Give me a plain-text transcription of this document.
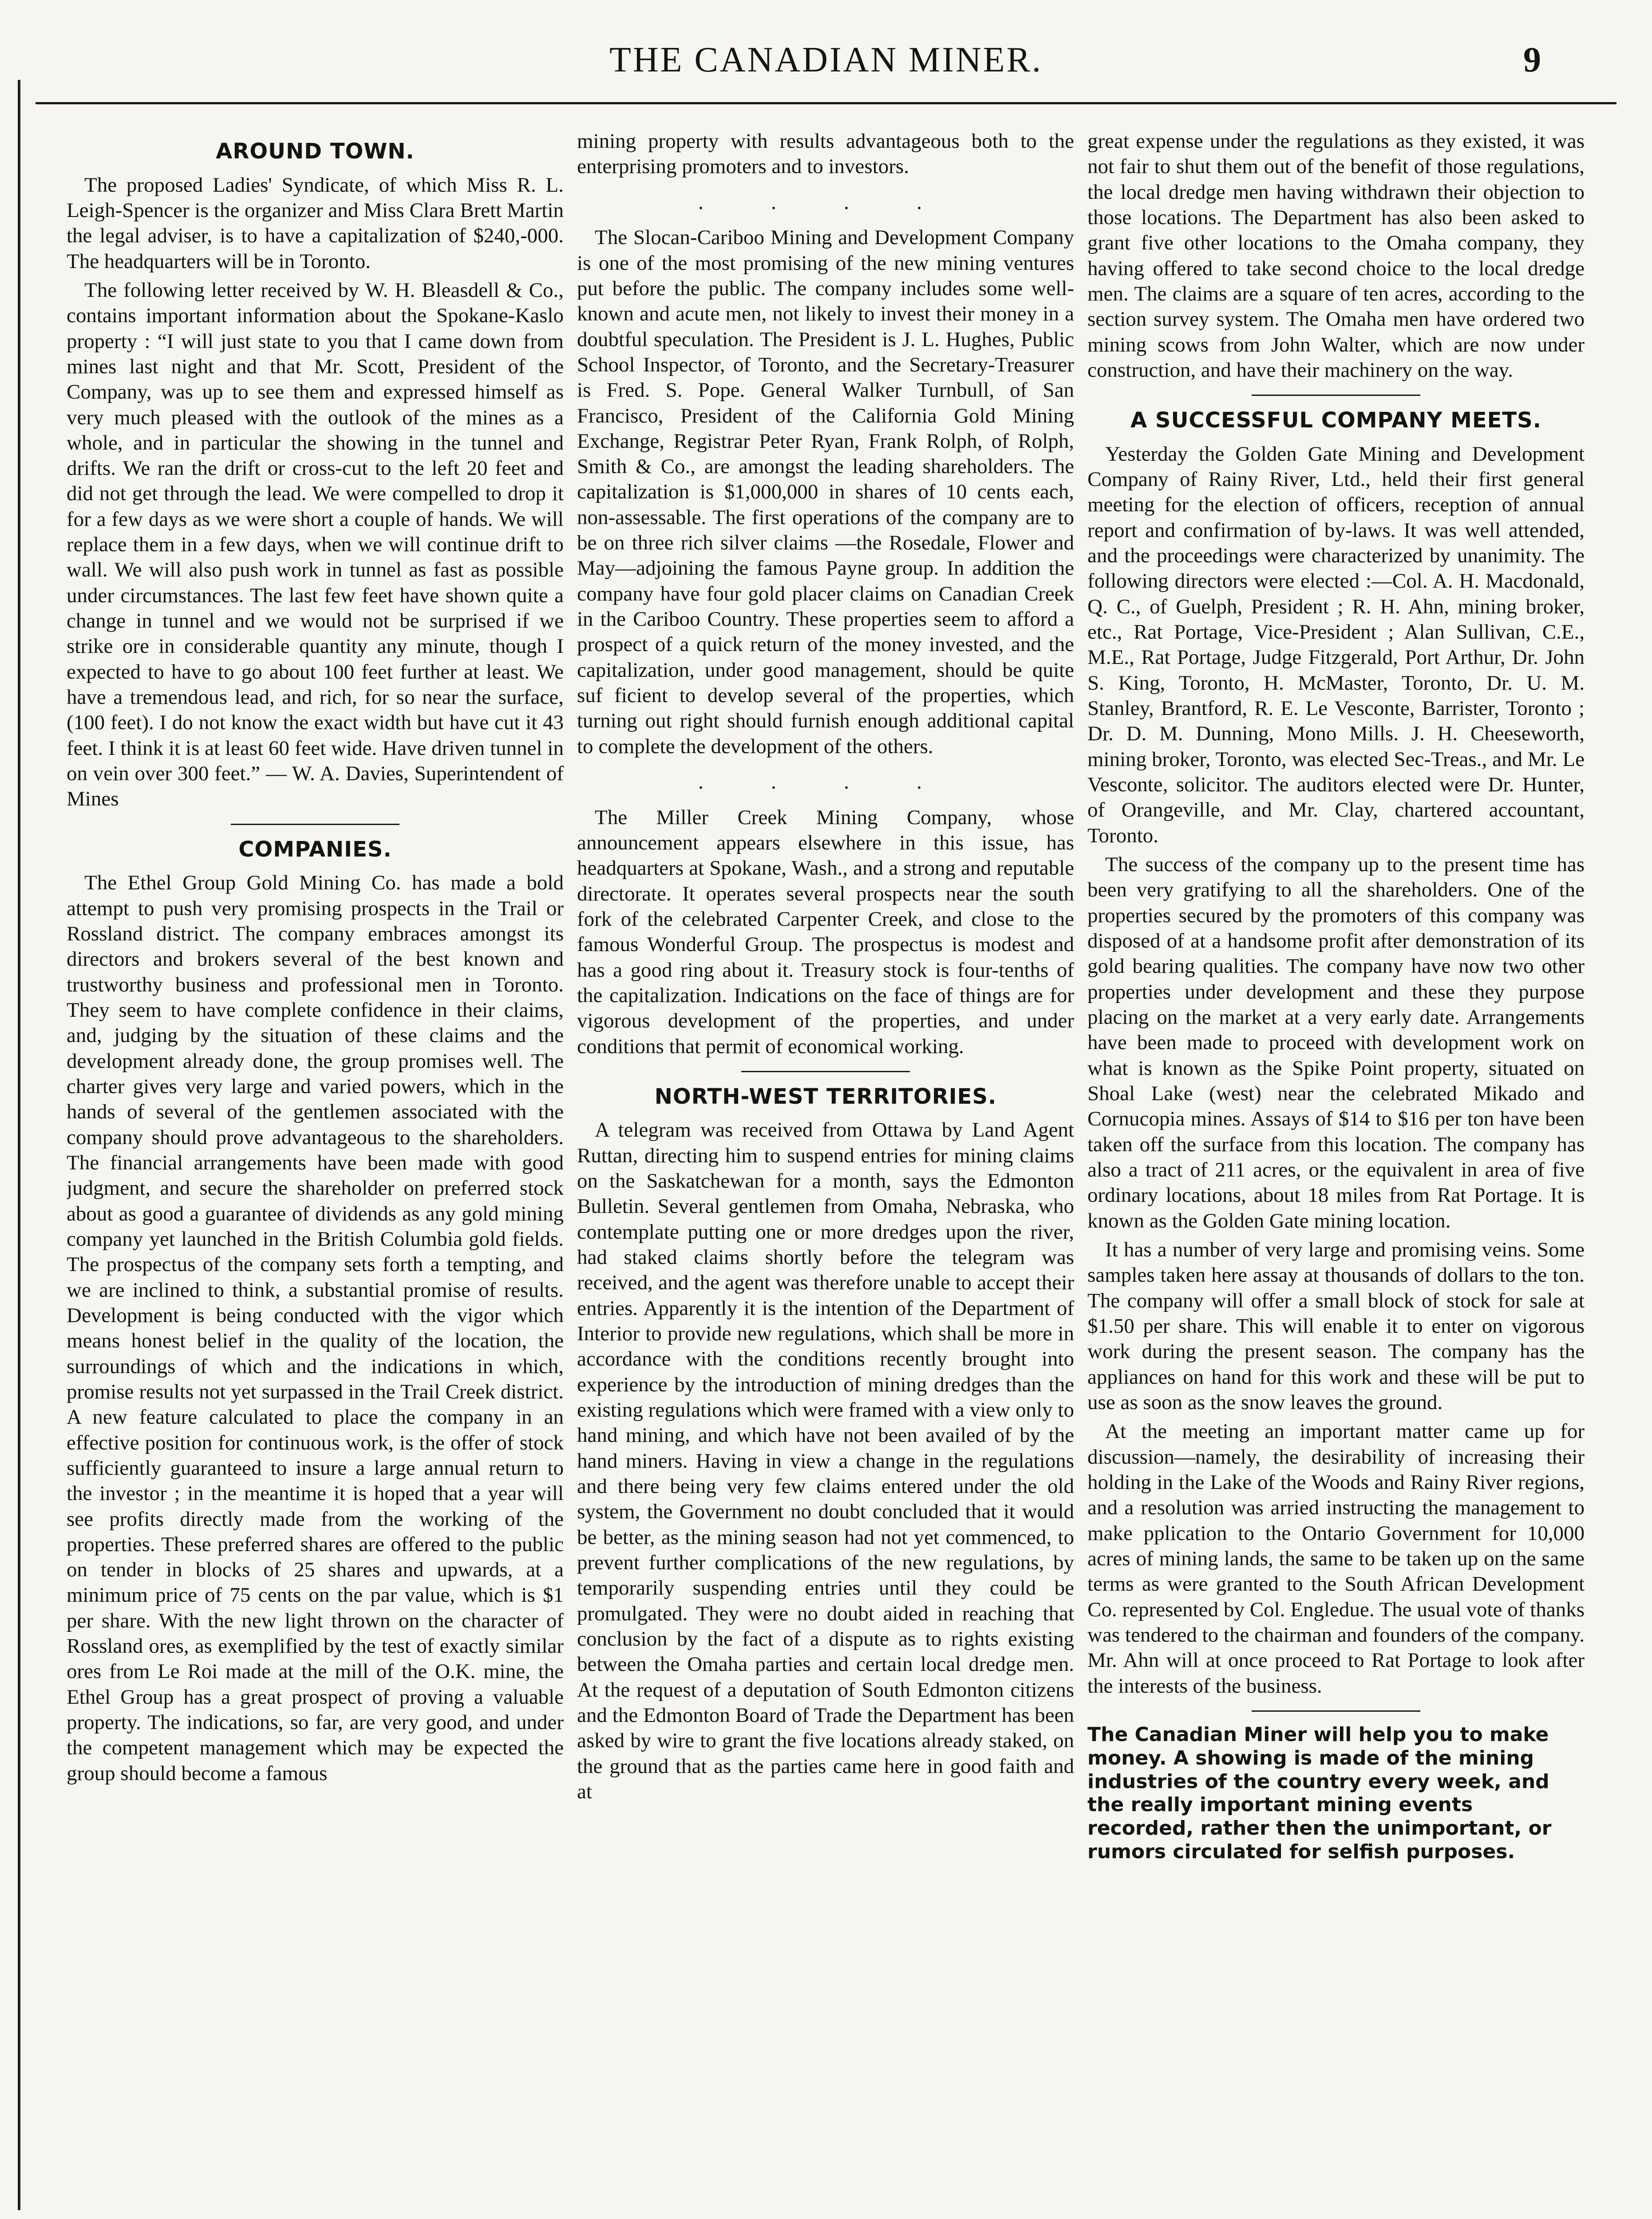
THE CANADIAN MINER.	9
AROUND TOWN.

The proposed Ladies' Syndicate, of which Miss R. L. Leigh-Spencer is the organizer and Miss Clara Brett Martin the legal adviser, is to have a capitalization of $240,-000. The headquarters will be in Toronto.

The following letter received by W. H. Bleasdell & Co., contains important information about the Spokane-Kaslo property : “I will just state to you that I came down from mines last night and that Mr. Scott, President of the Company, was up to see them and expressed himself as very much pleased with the outlook of the mines as a whole, and in particular the showing in the tunnel and drifts. We ran the drift or cross-cut to the left 20 feet and did not get through the lead. We were compelled to drop it for a few days as we were short a couple of hands. We will replace them in a few days, when we will continue drift to wall. We will also push work in tunnel as fast as possible under circumstances. The last few feet have shown quite a change in tunnel and we would not be surprised if we strike ore in considerable quantity any minute, though I expected to have to go about 100 feet further at least. We have a tremendous lead, and rich, for so near the surface, (100 feet). I do not know the exact width but have cut it 43 feet. I think it is at least 60 feet wide. Have driven tunnel in on vein over 300 feet.” — W. A. Davies, Superintendent of Mines

COMPANIES.

The Ethel Group Gold Mining Co. has made a bold attempt to push very promising prospects in the Trail or Rossland district. The company embraces amongst its directors and brokers several of the best known and trustworthy business and professional men in Toronto. They seem to have complete confidence in their claims, and, judging by the situation of these claims and the development already done, the group promises well. The charter gives very large and varied powers, which in the hands of several of the gentlemen associated with the company should prove advantageous to the shareholders. The financial arrangements have been made with good judgment, and secure the shareholder on preferred stock about as good a guarantee of dividends as any gold mining company yet launched in the British Columbia gold fields. The prospectus of the company sets forth a tempting, and we are inclined to think, a substantial promise of results. Development is being conducted with the vigor which means honest belief in the quality of the location, the surroundings of which and the indications in which, promise results not yet surpassed in the Trail Creek district. A new feature calculated to place the company in an effective position for continuous work, is the offer of stock sufficiently guaranteed to insure a large annual return to the investor ; in the meantime it is hoped that a year will see profits directly made from the working of the properties. These preferred shares are offered to the public on tender in blocks of 25 shares and upwards, at a minimum price of 75 cents on the par value, which is $1 per share. With the new light thrown on the character of Rossland ores, as exemplified by the test of exactly similar ores from Le Roi made at the mill of the O.K. mine, the Ethel Group has a great prospect of proving a valuable property. The indications, so far, are very good, and under the competent management which may be expected the group should become a famous

mining property with results advantageous both to the enterprising promoters and to investors.

. . . .

The Slocan-Cariboo Mining and Development Company is one of the most promising of the new mining ventures put before the public. The company includes some well-known and acute men, not likely to invest their money in a doubtful speculation. The President is J. L. Hughes, Public School Inspector, of Toronto, and the Secretary-Treasurer is Fred. S. Pope. General Walker Turnbull, of San Francisco, President of the California Gold Mining Exchange, Registrar Peter Ryan, Frank Rolph, of Rolph, Smith & Co., are amongst the leading shareholders. The capitalization is $1,000,000 in shares of 10 cents each, non-assessable. The first operations of the company are to be on three rich silver claims —the Rosedale, Flower and May—adjoining the famous Payne group. In addition the company have four gold placer claims on Canadian Creek in the Cariboo Country. These properties seem to afford a prospect of a quick return of the money invested, and the capitalization, under good management, should be quite suf ficient to develop several of the properties, which turning out right should furnish enough additional capital to complete the development of the others.

. . . .

The Miller Creek Mining Company, whose announcement appears elsewhere in this issue, has headquarters at Spokane, Wash., and a strong and reputable directorate. It operates several prospects near the south fork of the celebrated Carpenter Creek, and close to the famous Wonderful Group. The prospectus is modest and has a good ring about it. Treasury stock is four-tenths of the capitalization. Indications on the face of things are for vigorous development of the properties, and under conditions that permit of economical working.

NORTH-WEST TERRITORIES.

A telegram was received from Ottawa by Land Agent Ruttan, directing him to suspend entries for mining claims on the Saskatchewan for a month, says the Edmonton Bulletin. Several gentlemen from Omaha, Nebraska, who contemplate putting one or more dredges upon the river, had staked claims shortly before the telegram was received, and the agent was therefore unable to accept their entries. Apparently it is the intention of the Department of Interior to provide new regulations, which shall be more in accordance with the conditions recently brought into experience by the introduction of mining dredges than the existing regulations which were framed with a view only to hand mining, and which have not been availed of by the hand miners. Having in view a change in the regulations and there being very few claims entered under the old system, the Government no doubt concluded that it would be better, as the mining season had not yet commenced, to prevent further complications of the new regulations, by temporarily suspending entries until they could be promulgated. They were no doubt aided in reaching that conclusion by the fact of a dispute as to rights existing between the Omaha parties and certain local dredge men. At the request of a deputation of South Edmonton citizens and the Edmonton Board of Trade the Department has been asked by wire to grant the five locations already staked, on the ground that as the parties came here in good faith and at

great expense under the regulations as they existed, it was not fair to shut them out of the benefit of those regulations, the local dredge men having withdrawn their objection to those locations. The Department has also been asked to grant five other locations to the Omaha company, they having offered to take second choice to the local dredge men. The claims are a square of ten acres, according to the section survey system. The Omaha men have ordered two mining scows from John Walter, which are now under construction, and have their machinery on the way.

A SUCCESSFUL COMPANY MEETS.

Yesterday the Golden Gate Mining and Development Company of Rainy River, Ltd., held their first general meeting for the election of officers, reception of annual report and confirmation of by-laws. It was well attended, and the proceedings were characterized by unanimity. The following directors were elected :—Col. A. H. Macdonald, Q. C., of Guelph, President ; R. H. Ahn, mining broker, etc., Rat Portage, Vice-President ; Alan Sullivan, C.E., M.E., Rat Portage, Judge Fitzgerald, Port Arthur, Dr. John S. King, Toronto, H. McMaster, Toronto, Dr. U. M. Stanley, Brantford, R. E. Le Vesconte, Barrister, Toronto ; Dr. D. M. Dunning, Mono Mills. J. H. Cheeseworth, mining broker, Toronto, was elected Sec-Treas., and Mr. Le Vesconte, solicitor. The auditors elected were Dr. Hunter, of Orangeville, and Mr. Clay, chartered accountant, Toronto.

The success of the company up to the present time has been very gratifying to all the shareholders. One of the properties secured by the promoters of this company was disposed of at a handsome profit after demonstration of its gold bearing qualities. The company have now two other properties under development and these they purpose placing on the market at a very early date. Arrangements have been made to proceed with development work on what is known as the Spike Point property, situated on Shoal Lake (west) near the celebrated Mikado and Cornucopia mines. Assays of $14 to $16 per ton have been taken off the surface from this location. The company has also a tract of 211 acres, or the equivalent in area of five ordinary locations, about 18 miles from Rat Portage. It is known as the Golden Gate mining location.

It has a number of very large and promising veins. Some samples taken here assay at thousands of dollars to the ton. The company will offer a small block of stock for sale at $1.50 per share. This will enable it to enter on vigorous work during the present season. The company has the appliances on hand for this work and these will be put to use as soon as the snow leaves the ground.

At the meeting an important matter came up for discussion—namely, the desirability of increasing their holding in the Lake of the Woods and Rainy River regions, and a resolution was arried instructing the management to make pplication to the Ontario Government for 10,000 acres of mining lands, the same to be taken up on the same terms as were granted to the South African Development Co. represented by Col. Engledue. The usual vote of thanks was tendered to the chairman and founders of the company. Mr. Ahn will at once proceed to Rat Portage to look after the interests of the business.

The Canadian Miner will help you to make money. A showing is made of the mining industries of the country every week, and the really important mining events recorded, rather then the unimportant, or rumors circulated for selfish purposes.
